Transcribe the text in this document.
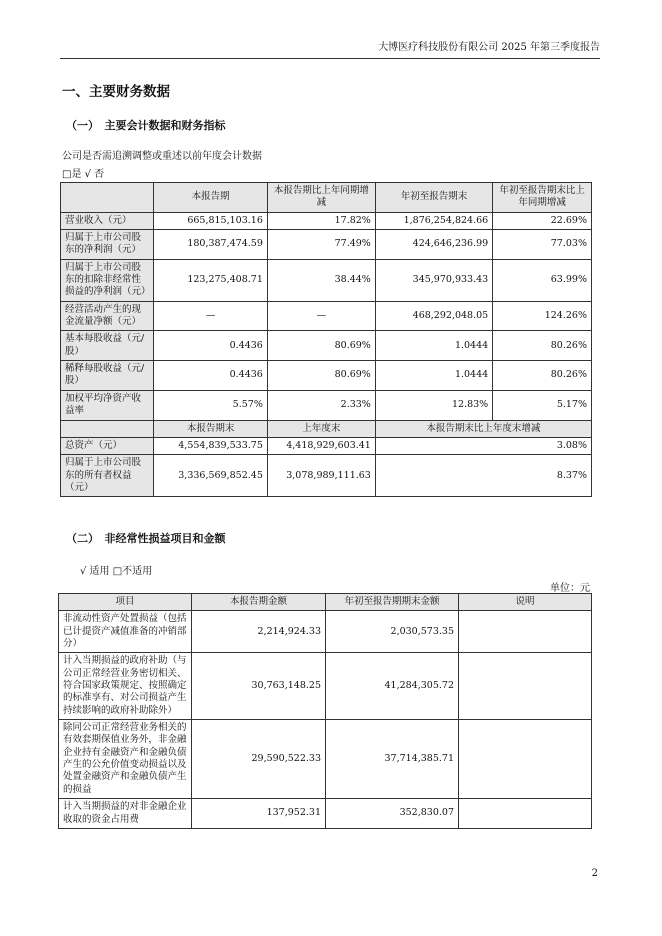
大博医疗科技股份有限公司 2025 年第三季度报告
一、主要财务数据
（一）　主要会计数据和财务指标
公司是否需追溯调整或重述以前年度会计数据
□是 √ 否
	本报告期	本报告期比上年同期增减	年初至报告期末	年初至报告期末比上年同期增减
营业收入（元）	665,815,103.16	17.82%	1,876,254,824.66	22.69%
归属于上市公司股东的净利润（元）	180,387,474.59	77.49%	424,646,236.99	77.03%
归属于上市公司股东的扣除非经常性损益的净利润（元）	123,275,408.71	38.44%	345,970,933.43	63.99%
经营活动产生的现金流量净额（元）	—	—	468,292,048.05	124.26%
基本每股收益（元/股）	0.4436	80.69%	1.0444	80.26%
稀释每股收益（元/股）	0.4436	80.69%	1.0444	80.26%
加权平均净资产收益率	5.57%	2.33%	12.83%	5.17%
	本报告期末	上年度末	本报告期末比上年度末增减	
总资产（元）	4,554,839,533.75	4,418,929,603.41	3.08%	
归属于上市公司股东的所有者权益（元）	3,336,569,852.45	3,078,989,111.63	8.37%	
（二）　非经常性损益项目和金额
√ 适用 □不适用
单位：元
项目	本报告期金额	年初至报告期期末金额	说明
非流动性资产处置损益（包括已计提资产减值准备的冲销部分）	2,214,924.33	2,030,573.35	
计入当期损益的政府补助（与公司正常经营业务密切相关、符合国家政策规定、按照确定的标准享有、对公司损益产生持续影响的政府补助除外）	30,763,148.25	41,284,305.72	
除同公司正常经营业务相关的有效套期保值业务外，非金融企业持有金融资产和金融负债产生的公允价值变动损益以及处置金融资产和金融负债产生的损益	29,590,522.33	37,714,385.71	
计入当期损益的对非金融企业收取的资金占用费	137,952.31	352,830.07	
2
